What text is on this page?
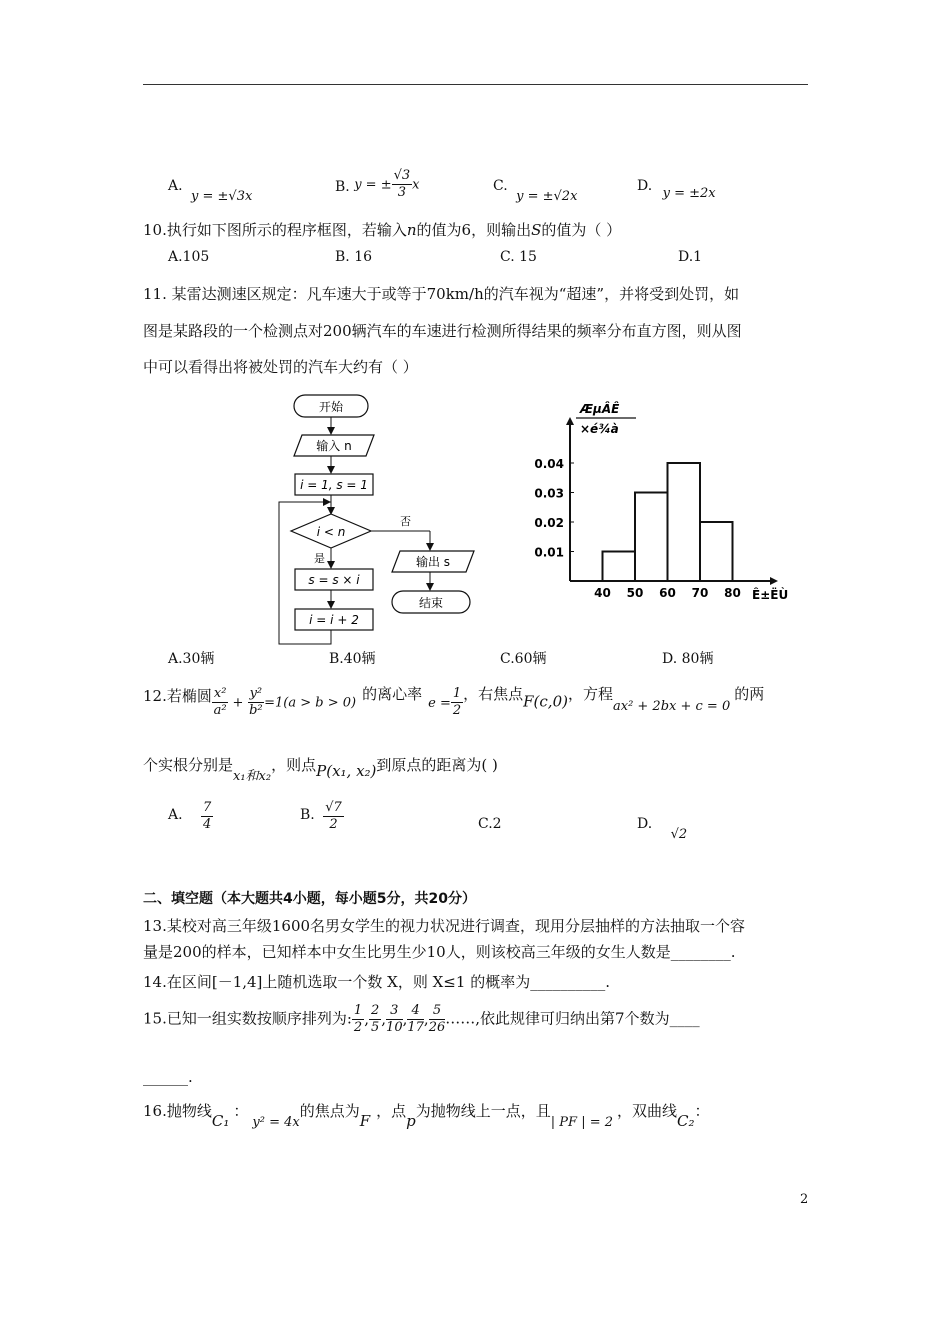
A. y = ±√3x
B. y = ± $\frac{√3}{3}$ x	C. y = ±√2x
D. y = ±2x
10.执行如下图所示的程序框图，若输入n的值为6，则输出S的值为（ ）
A.105	B. 16	C. 15	D.1
11. 某雷达测速区规定：凡车速大于或等于70km/h的汽车视为“超速”，并将受到处罚，如
图是某路段的一个检测点对200辆汽车的车速进行检测所得结果的频率分布直方图，则从图
中可以看得出将被处罚的汽车大约有（ ）
开始
输入 n
i = 1, s = 1
i < n
否
输出 s
结束
是
s = s × i
i = i + 2
ÆµÂÊ
×é¾à
0.01
0.02
0.03
0.04
40 50 60 70 80 Ê±ËÙ
A.30辆	B.40辆	C.60辆	D. 80辆
12.若椭圆 $\frac{\text{x²}}{\text{a²}} + \frac{\text{y²}}{\text{b²}} =1(a > b > 0)$的离心率$e = \frac{1}{2}$ ，右焦点F(c,0)，方程ax² + 2bx + c = 0的两
个实根分别是x₁和x₂，则点P(x₁, x₂)到原点的距离为( )
A. $\frac{7}{4}$	B. $\frac{√7}{2}$	C.2	D. √2
二、填空题（本大题共4小题，每小题5分，共20分）
13.某校对高三年级1600名男女学生的视力状况进行调查，现用分层抽样的方法抽取一个容
量是200的样本，已知样本中女生比男生少10人，则该校高三年级的女生人数是________.
14.在区间[－1,4]上随机选取一个数 X，则 X≤1 的概率为__________.
15.已知一组实数按顺序排列为: $\frac{1}{2}$ , $\frac{2}{5}$ , $\frac{3}{10}$ , $\frac{4}{17}$ , $\frac{5}{26}$ ……,依此规律可归纳出第7个数为____
______.
16.抛物线C₁：y² = 4x的焦点为F，点p为抛物线上一点，且| PF | = 2，双曲线C₂：
2
